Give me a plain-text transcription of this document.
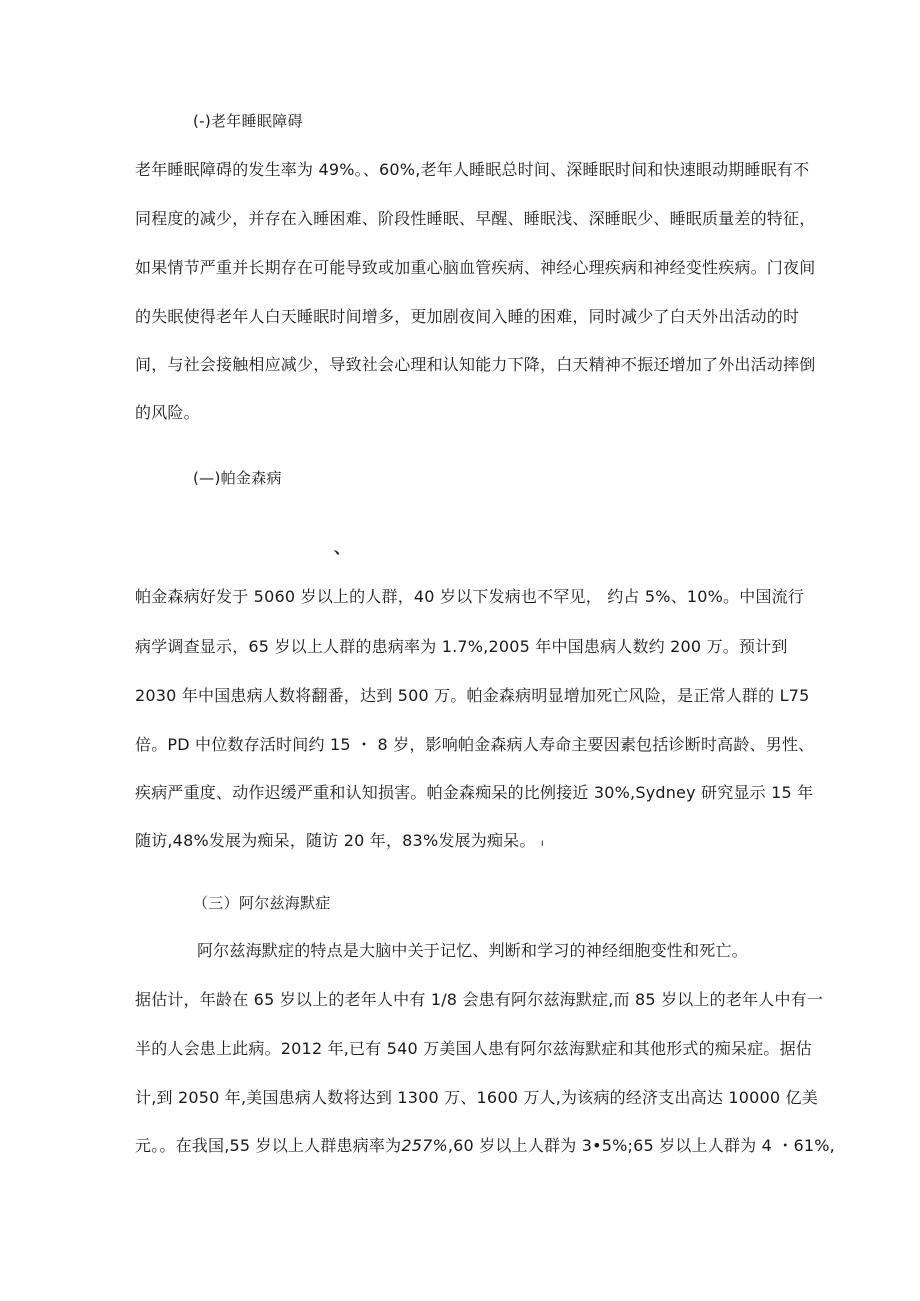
(-)老年睡眠障碍
老年睡眠障碍的发生率为 49%。、60%,老年人睡眠总时间、深睡眠时间和快速眼动期睡眠有不
同程度的减少，并存在入睡困难、阶段性睡眠、早醒、睡眠浅、深睡眠少、睡眠质量差的特征，
如果情节严重并长期存在可能导致或加重心脑血管疾病、神经心理疾病和神经变性疾病。门夜间
的失眠使得老年人白天睡眠时间增多，更加剧夜间入睡的困难，同时减少了白天外出活动的时
间，与社会接触相应减少，导致社会心理和认知能力下降，白天精神不振还增加了外出活动摔倒
的风险。
(—)帕金森病
、
帕金森病好发于 5060 岁以上的人群，40 岁以下发病也不罕见， 约占 5%、10%。中国流行
病学调查显示，65 岁以上人群的患病率为 1.7%,2005 年中国患病人数约 200 万。预计到
2030 年中国患病人数将翻番，达到 500 万。帕金森病明显增加死亡风险，是正常人群的 L75
倍。PD 中位数存活时间约 15 ・ 8 岁，影响帕金森病人寿命主要因素包括诊断时高龄、男性、
疾病严重度、动作迟缓严重和认知损害。帕金森痴呆的比例接近 30%,Sydney 研究显示 15 年
随访,48%发展为痴呆，随访 20 年，83%发展为痴呆。 ı
（三）阿尔兹海默症
阿尔兹海默症的特点是大脑中关于记忆、判断和学习的神经细胞变性和死亡。
据估计，年龄在 65 岁以上的老年人中有 1/8 会患有阿尔兹海默症,而 85 岁以上的老年人中有一
半的人会患上此病。2012 年,已有 540 万美国人患有阿尔兹海默症和其他形式的痴呆症。据估
计,到 2050 年,美国患病人数将达到 1300 万、1600 万人,为该病的经济支出高达 10000 亿美
元。。在我国,55 岁以上人群患病率为257%,60 岁以上人群为 3•5%;65 岁以上人群为 4 ・61%,
